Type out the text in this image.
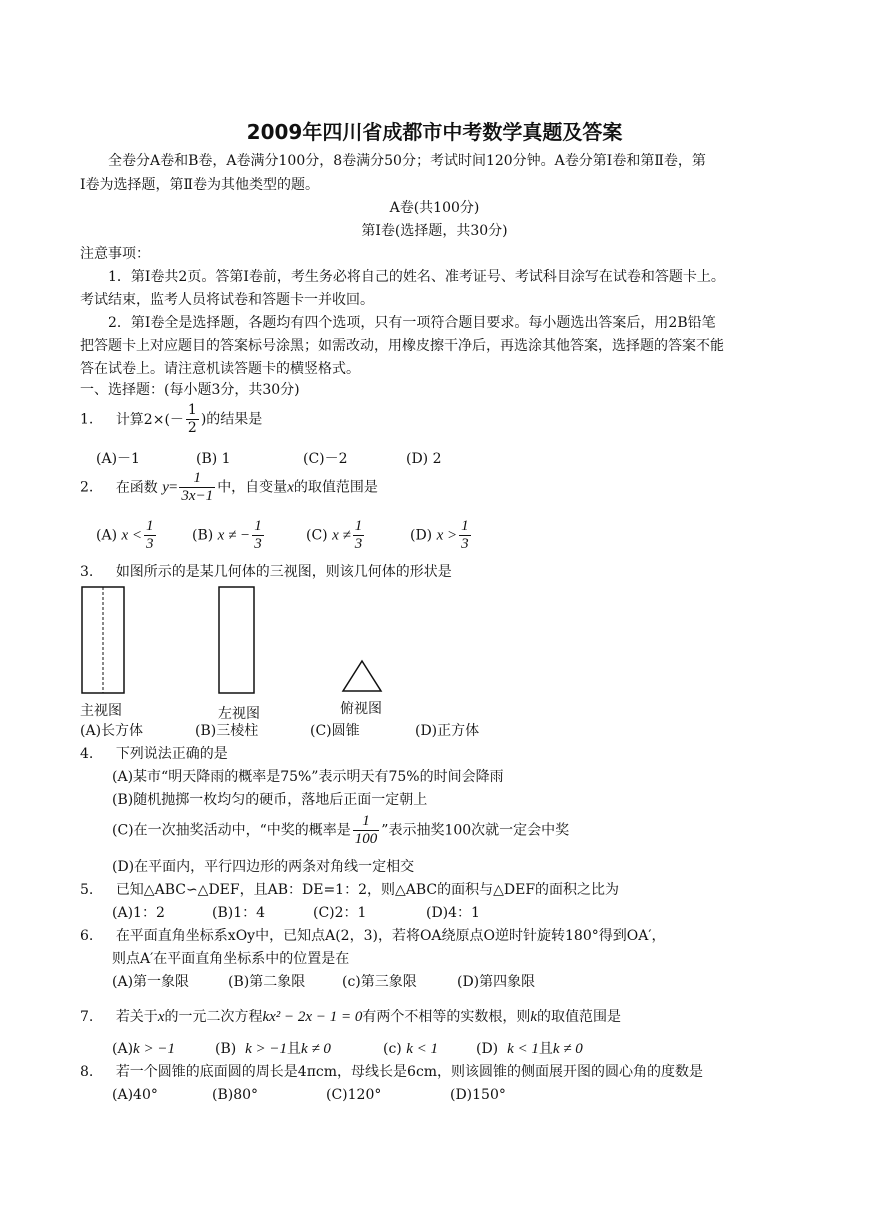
2009年四川省成都市中考数学真题及答案
全卷分A卷和B卷，A卷满分100分，8卷满分50分；考试时间120分钟。A卷分第Ⅰ卷和第Ⅱ卷，第
Ⅰ卷为选择题，第Ⅱ卷为其他类型的题。
A卷(共100分)
第Ⅰ卷(选择题，共30分)
注意事项：
1．第Ⅰ卷共2页。答第Ⅰ卷前，考生务必将自己的姓名、准考证号、考试科目涂写在试卷和答题卡上。
考试结束，监考人员将试卷和答题卡一并收回。
2．第Ⅰ卷全是选择题，各题均有四个选项，只有一项符合题目要求。每小题选出答案后，用2B铅笔
把答题卡上对应题目的答案标号涂黑；如需改动，用橡皮擦干净后，再选涂其他答案，选择题的答案不能
答在试卷上。请注意机读答题卡的横竖格式。
一、选择题：(每小题3分，共30分)
1. 计算$2\times(- \frac{1}{2}$ )的结果是
(A)－1	(B) 1	(C)－2	(D) 2
2. 在函数 $y= \frac{1}{3x-1}$ 中，自变量x的取值范围是
(A) $x < \frac{1}{3}$	(B) x ≠ − $\frac{1}{3}$	(C) $x \ne \frac{1}{3}$	(D) $x > \frac{1}{3}$
3. 如图所示的是某几何体的三视图，则该几何体的形状是
主视图	左视图	俯视图
(A)长方体	(B)三棱柱	(C)圆锥	(D)正方体
4. 下列说法正确的是
(A)某市“明天降雨的概率是75%”表示明天有75%的时间会降雨
(B)随机抛掷一枚均匀的硬币，落地后正面一定朝上
(C)在一次抽奖活动中，“中奖的概率是 $\frac{1}{100}$ ”表示抽奖100次就一定会中奖
(D)在平面内，平行四边形的两条对角线一定相交
5. 已知△ABC∽△DEF，且AB：DE=1：2，则△ABC的面积与△DEF的面积之比为
(A)1：2	(B)1：4	(C)2：1	(D)4：1
6. 在平面直角坐标系xOy中，已知点A(2，3)，若将OA绕原点O逆时针旋转180°得到OA′，
则点A′在平面直角坐标系中的位置是在
(A)第一象限	(B)第二象限	(c)第三象限	(D)第四象限
7. 若关于x的一元二次方程kx² − 2x − 1 = 0有两个不相等的实数根，则k的取值范围是
(A)k > −1	(B) k > −1且k ≠ 0	(c) k < 1	(D) k < 1且k ≠ 0
8. 若一个圆锥的底面圆的周长是4πcm，母线长是6cm，则该圆锥的侧面展开图的圆心角的度数是
(A)40°	(B)80°	(C)120°	(D)150°
